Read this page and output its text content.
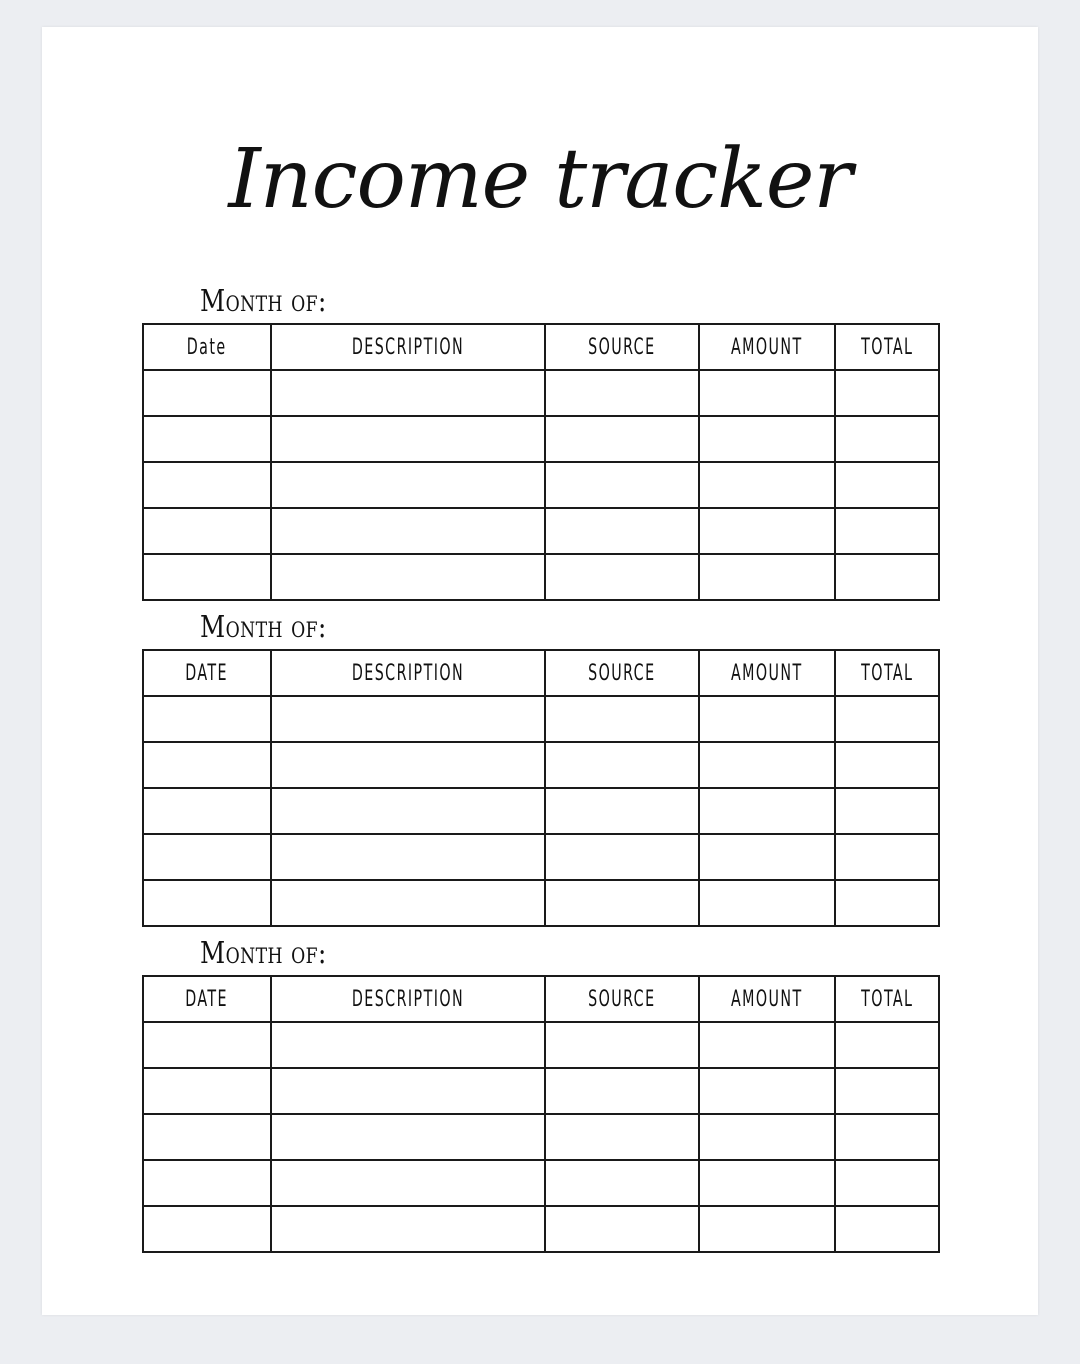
Income tracker
Month of:
Date	DESCRIPTION	SOURCE	AMOUNT	TOTAL

Month of:
DATE	DESCRIPTION	SOURCE	AMOUNT	TOTAL

Month of:
DATE	DESCRIPTION	SOURCE	AMOUNT	TOTAL
